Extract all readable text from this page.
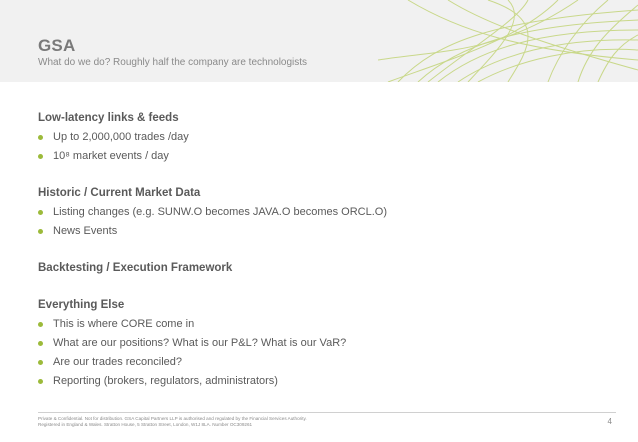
GSA
What do we do? Roughly half the company are technologists
Low-latency links & feeds
Up to 2,000,000 trades /day
10⁸ market events / day
Historic / Current Market Data
Listing changes (e.g. SUNW.O becomes JAVA.O becomes ORCL.O)
News Events
Backtesting / Execution Framework
Everything Else
This is where CORE come in
What are our positions? What is our P&L? What is our VaR?
Are our trades reconciled?
Reporting (brokers, regulators, administrators)
Private & Confidential. Not for distribution. GSA Capital Partners LLP is authorised and regulated by the Financial Services Authority.
Registered in England & Wales. Stratton House, 5 Stratton Street, London, W1J 8LA. Number OC309261	4
